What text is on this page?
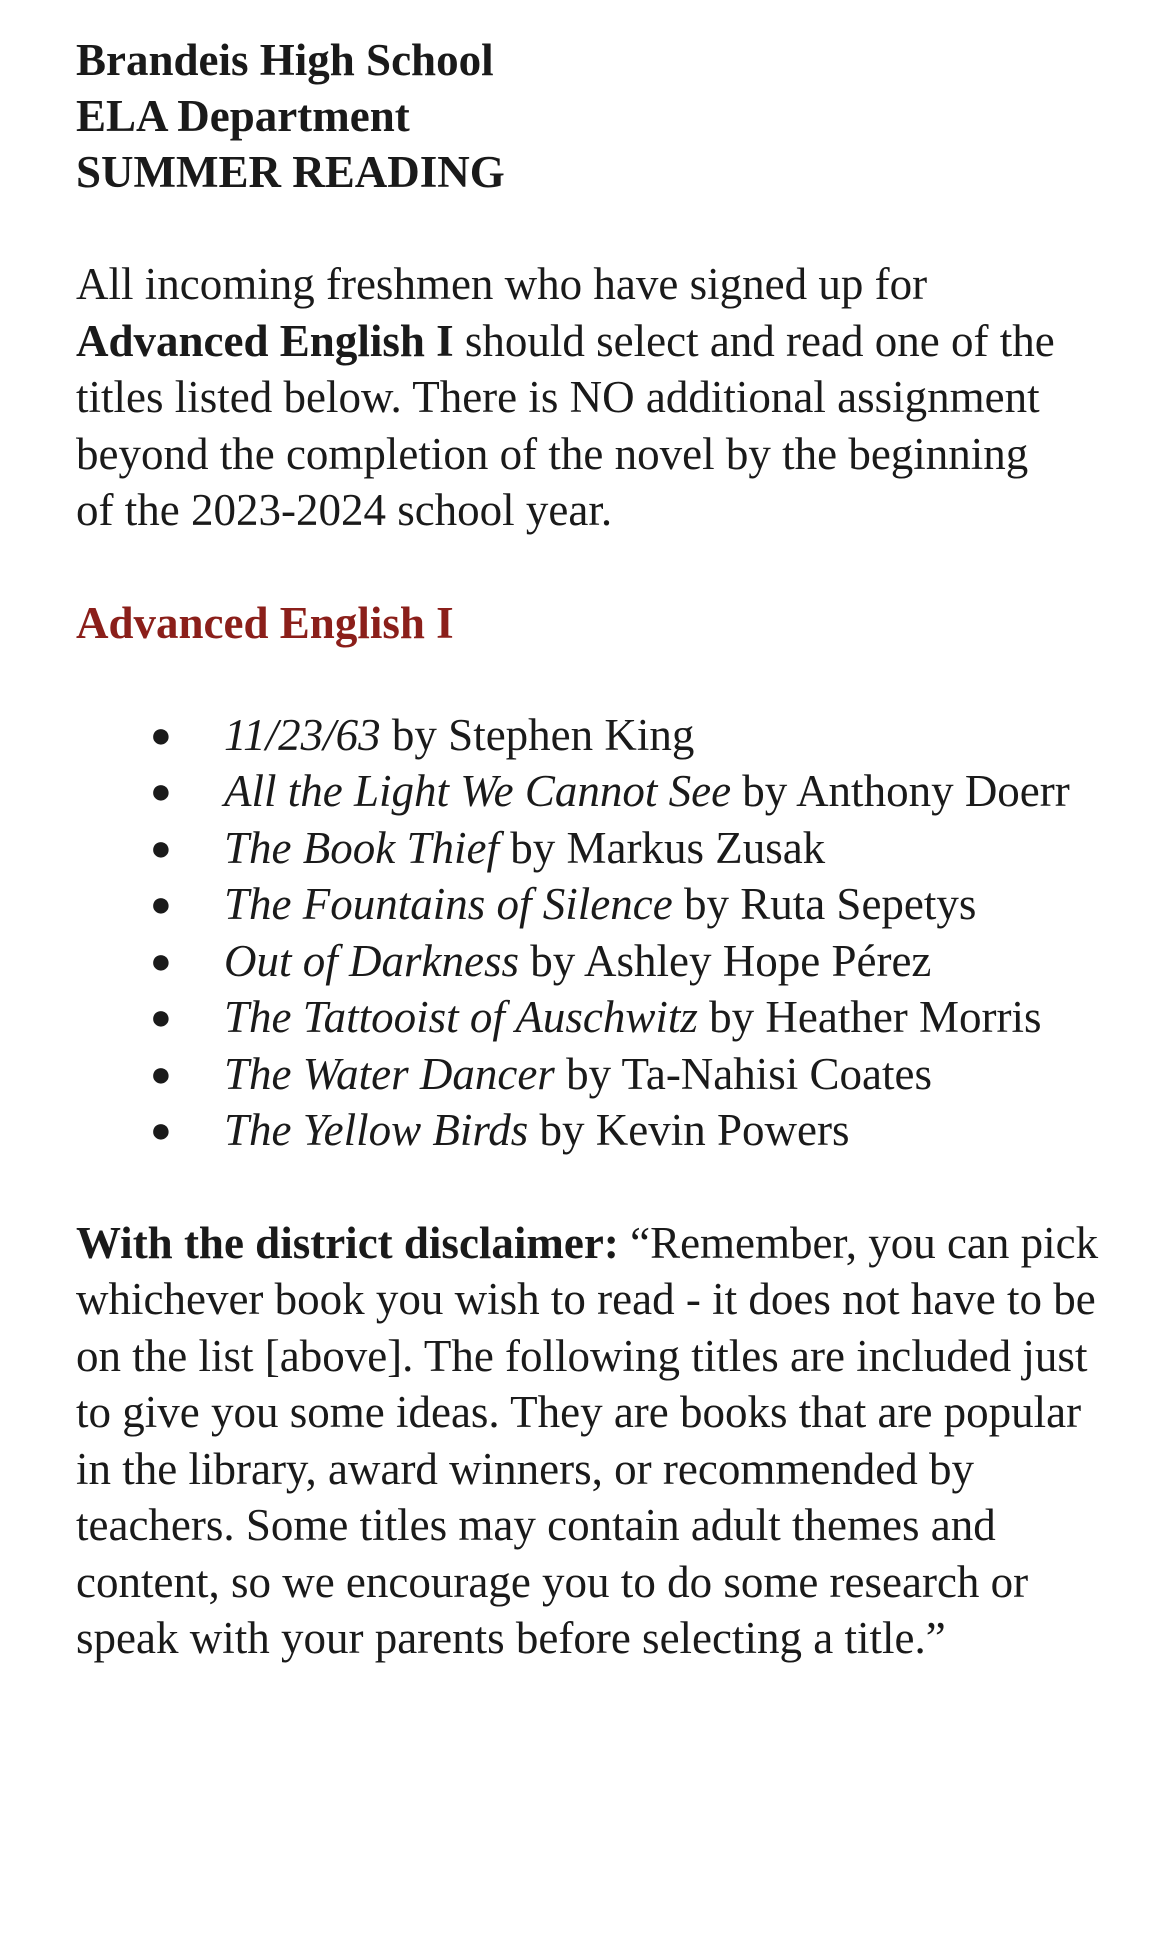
Brandeis High School
ELA Department
SUMMER READING

All incoming freshmen who have signed up for Advanced English I should select and read one of the titles listed below. There is NO additional assignment beyond the completion of the novel by the beginning of the 2023-2024 school year.

Advanced English I
● 11/23/63 by Stephen King
● All the Light We Cannot See by Anthony Doerr
● The Book Thief by Markus Zusak
● The Fountains of Silence by Ruta Sepetys
● Out of Darkness by Ashley Hope Pérez
● The Tattooist of Auschwitz by Heather Morris
● The Water Dancer by Ta-Nahisi Coates
● The Yellow Birds by Kevin Powers

With the district disclaimer: “Remember, you can pick whichever book you wish to read - it does not have to be on the list [above]. The following titles are included just to give you some ideas. They are books that are popular in the library, award winners, or recommended by teachers. Some titles may contain adult themes and content, so we encourage you to do some research or speak with your parents before selecting a title.”
